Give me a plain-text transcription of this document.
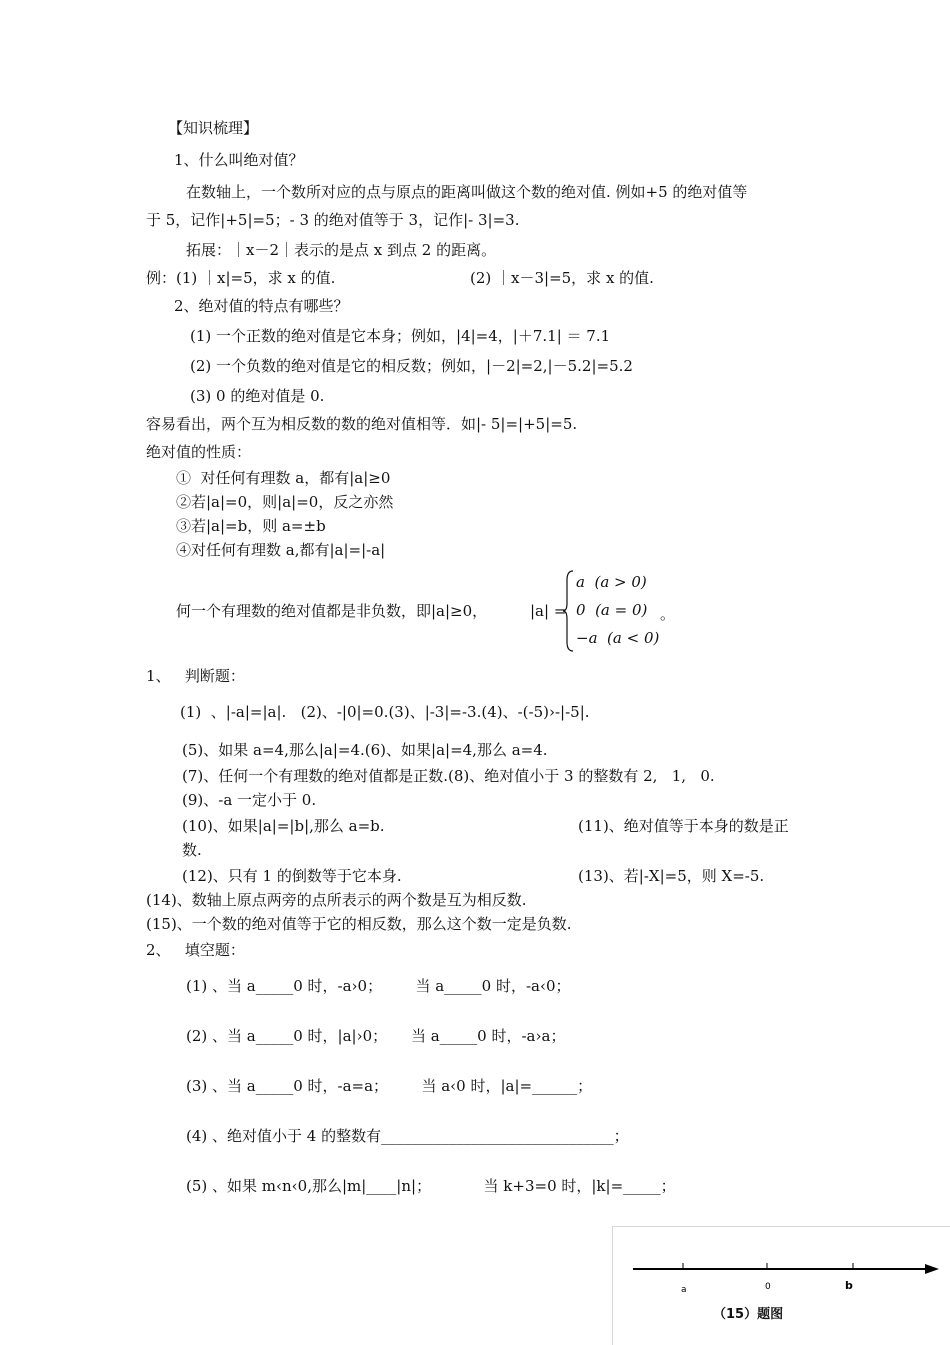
【知识梳理】
1、什么叫绝对值？
在数轴上，一个数所对应的点与原点的距离叫做这个数的绝对值. 例如+5 的绝对值等
于 5，记作|+5|=5；- 3 的绝对值等于 3，记作|- 3|=3.
拓展：｜x－2｜表示的是点 x 到点 2 的距离。
例：(1) ｜x|=5，求 x 的值.	(2) ｜x－3|=5，求 x 的值.
2、绝对值的特点有哪些？
(1) 一个正数的绝对值是它本身；例如，|4|=4，|＋7.1| ＝ 7.1
(2) 一个负数的绝对值是它的相反数；例如，|－2|=2,|－5.2|=5.2
(3) 0 的绝对值是 0.
容易看出，两个互为相反数的数的绝对值相等．如|- 5|=|+5|=5.
绝对值的性质：
①  对任何有理数 a，都有|a|≥0
②若|a|=0，则|a|=0，反之亦然
③若|a|=b，则 a=±b
④对任何有理数 a,都有|a|=|-a|
何一个有理数的绝对值都是非负数，即|a|≥0，	|a| =
a  (a > 0)
0  (a = 0)
−a  (a < 0)
。
1、   判断题：
(1)  、|-a|=|a|.   (2)、-|0|=0.(3)、|-3|=-3.(4)、-(-5)›-|-5|.
(5)、如果 a=4,那么|a|=4.(6)、如果|a|=4,那么 a=4.
(7)、任何一个有理数的绝对值都是正数.(8)、绝对值小于 3 的整数有 2,   1,   0.
(9)、-a 一定小于 0.
(10)、如果|a|=|b|,那么 a=b.	(11)、绝对值等于本身的数是正
数.
(12)、只有 1 的倒数等于它本身.	(13)、若|-X|=5，则 X=-5.
(14)、数轴上原点两旁的点所表示的两个数是互为相反数.
(15)、一个数的绝对值等于它的相反数，那么这个数一定是负数.
2、   填空题：
(1) 、当 a_____0 时，-a›0；       当 a_____0 时，-a‹0；
(2) 、当 a_____0 时，|a|›0；     当 a_____0 时，-a›a；
(3) 、当 a_____0 时，-a=a；       当 a‹0 时，|a|=______；
(4) 、绝对值小于 4 的整数有_______________________________；
(5) 、如果 m‹n‹0,那么|m|____|n|；           当 k+3=0 时，|k|=_____；
a	0	b
（15）题图
